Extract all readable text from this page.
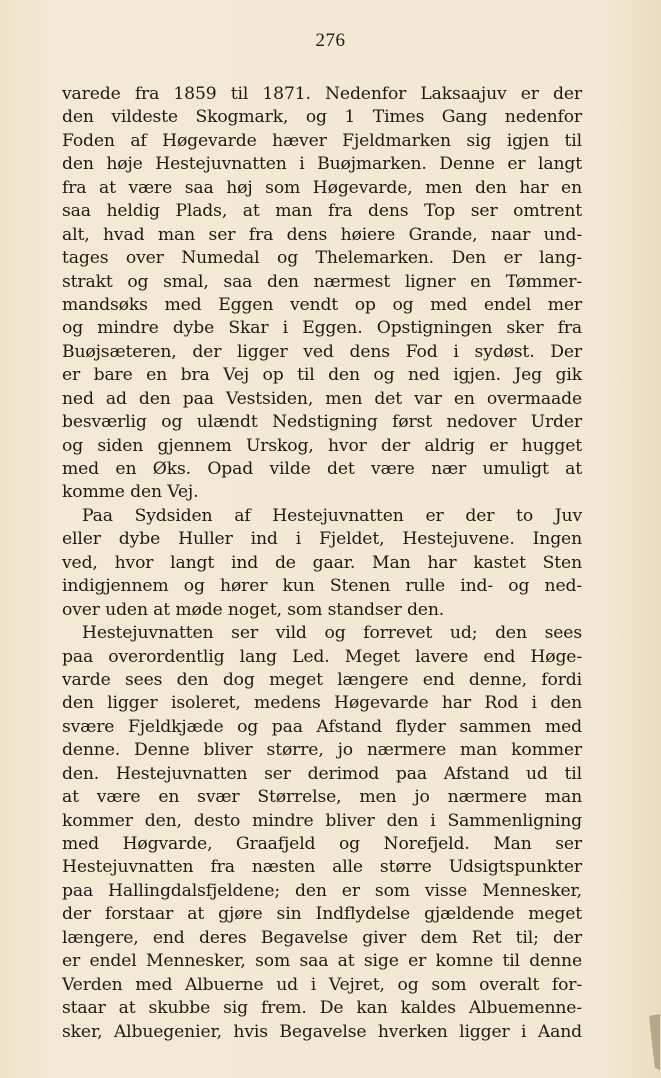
276
varede fra 1859 til 1871. Nedenfor Laksaajuv er der
den vildeste Skogmark, og 1 Times Gang nedenfor
Foden af Høgevarde hæver Fjeldmarken sig igjen til
den høje Hestejuvnatten i Buøjmarken. Denne er langt
fra at være saa høj som Høgevarde, men den har en
saa heldig Plads, at man fra dens Top ser omtrent
alt, hvad man ser fra dens høiere Grande, naar und-
tages over Numedal og Thelemarken. Den er lang-
strakt og smal, saa den nærmest ligner en Tømmer-
mandsøks med Eggen vendt op og med endel mer
og mindre dybe Skar i Eggen. Opstigningen sker fra
Buøjsæteren, der ligger ved dens Fod i sydøst. Der
er bare en bra Vej op til den og ned igjen. Jeg gik
ned ad den paa Vestsiden, men det var en overmaade
besværlig og ulændt Nedstigning først nedover Urder
og siden gjennem Urskog, hvor der aldrig er hugget
med en Øks. Opad vilde det være nær umuligt at
komme den Vej.
Paa Sydsiden af Hestejuvnatten er der to Juv
eller dybe Huller ind i Fjeldet, Hestejuvene. Ingen
ved, hvor langt ind de gaar. Man har kastet Sten
indigjennem og hører kun Stenen rulle ind- og ned-
over uden at møde noget, som standser den.
Hestejuvnatten ser vild og forrevet ud; den sees
paa overordentlig lang Led. Meget lavere end Høge-
varde sees den dog meget længere end denne, fordi
den ligger isoleret, medens Høgevarde har Rod i den
svære Fjeldkjæde og paa Afstand flyder sammen med
denne. Denne bliver større, jo nærmere man kommer
den. Hestejuvnatten ser derimod paa Afstand ud til
at være en svær Størrelse, men jo nærmere man
kommer den, desto mindre bliver den i Sammenligning
med Høgvarde, Graafjeld og Norefjeld. Man ser
Hestejuvnatten fra næsten alle større Udsigtspunkter
paa Hallingdalsfjeldene; den er som visse Mennesker,
der forstaar at gjøre sin Indflydelse gjældende meget
længere, end deres Begavelse giver dem Ret til; der
er endel Mennesker, som saa at sige er komne til denne
Verden med Albuerne ud i Vejret, og som overalt for-
staar at skubbe sig frem. De kan kaldes Albuemenne-
sker, Albuegenier, hvis Begavelse hverken ligger i Aand
